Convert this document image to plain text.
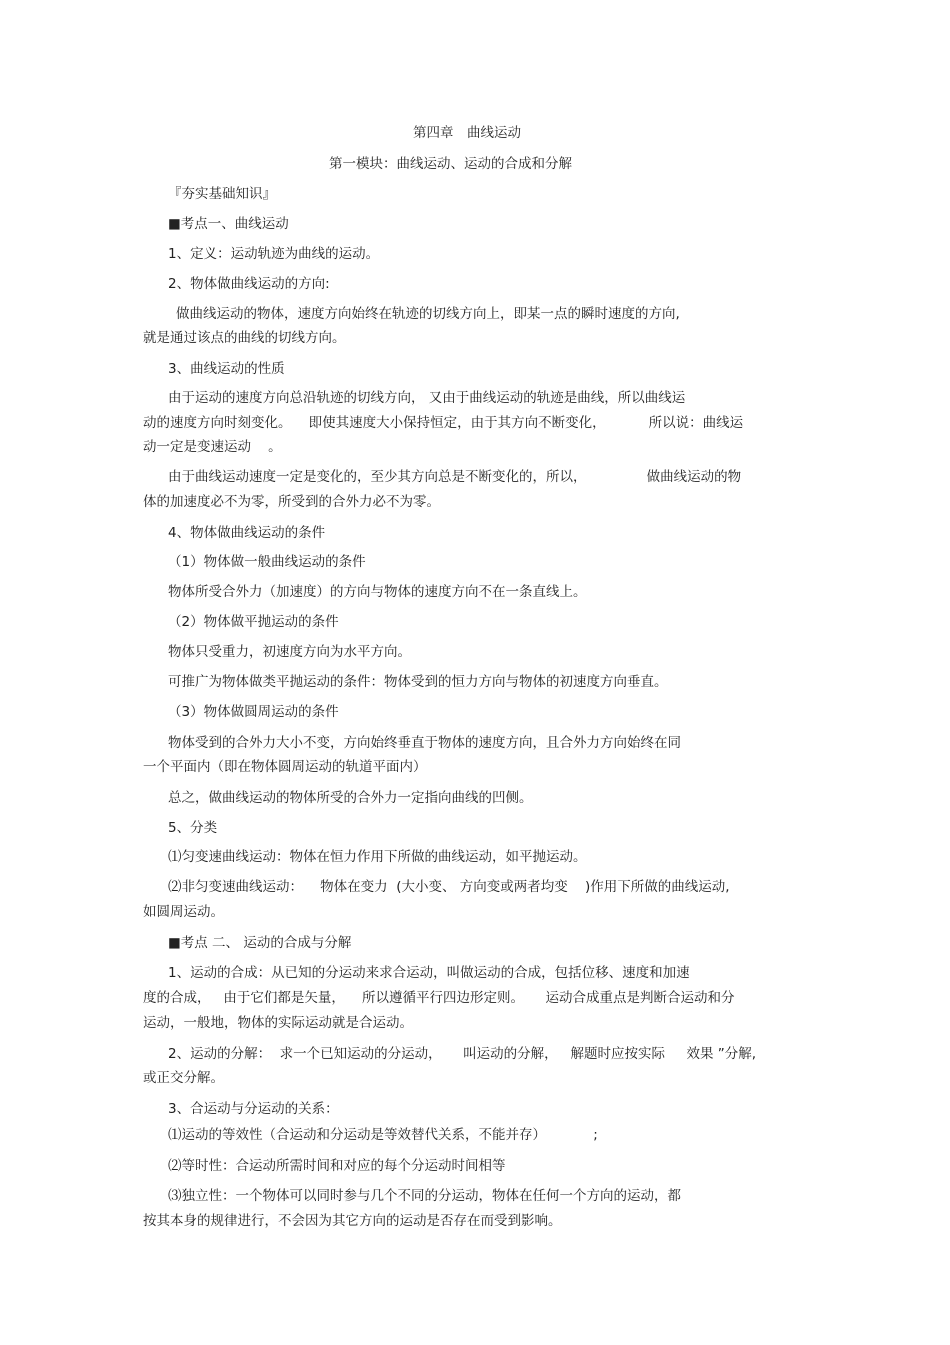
第四章　曲线运动
第一模块：曲线运动、运动的合成和分解
『夯实基础知识』
■考点一、曲线运动
1、定义：运动轨迹为曲线的运动。
2、物体做曲线运动的方向:
做曲线运动的物体，速度方向始终在轨迹的切线方向上，即某一点的瞬时速度的方向,
就是通过该点的曲线的切线方向。
3、曲线运动的性质
由于运动的速度方向总沿轨迹的切线方向， 又由于曲线运动的轨迹是曲线，所以曲线运
动的速度方向时刻变化。    即使其速度大小保持恒定，由于其方向不断变化，          所以说：曲线运
动一定是变速运动    。
由于曲线运动速度一定是变化的，至少其方向总是不断变化的，所以，              做曲线运动的物
体的加速度必不为零，所受到的合外力必不为零。
4、物体做曲线运动的条件
（1）物体做一般曲线运动的条件
物体所受合外力（加速度）的方向与物体的速度方向不在一条直线上。
（2）物体做平抛运动的条件
物体只受重力，初速度方向为水平方向。
可推广为物体做类平抛运动的条件：物体受到的恒力方向与物体的初速度方向垂直。
（3）物体做圆周运动的条件
物体受到的合外力大小不变，方向始终垂直于物体的速度方向，且合外力方向始终在同
一个平面内（即在物体圆周运动的轨道平面内）
总之，做曲线运动的物体所受的合外力一定指向曲线的凹侧。
5、分类
⑴匀变速曲线运动：物体在恒力作用下所做的曲线运动，如平抛运动。
⑵非匀变速曲线运动：    物体在变力  (大小变、 方向变或两者均变    )作用下所做的曲线运动,
如圆周运动。
■考点 二、 运动的合成与分解
1、运动的合成：从已知的分运动来求合运动，叫做运动的合成，包括位移、速度和加速
度的合成，   由于它们都是矢量，    所以遵循平行四边形定则。     运动合成重点是判断合运动和分
运动，一般地，物体的实际运动就是合运动。
2、运动的分解：  求一个已知运动的分运动，     叫运动的分解，   解题时应按实际     效果 ”分解,
或正交分解。
3、合运动与分运动的关系：
⑴运动的等效性（合运动和分运动是等效替代关系，不能并存）           ;
⑵等时性：合运动所需时间和对应的每个分运动时间相等
⑶独立性：一个物体可以同时参与几个不同的分运动，物体在任何一个方向的运动，都
按其本身的规律进行，不会因为其它方向的运动是否存在而受到影响。
